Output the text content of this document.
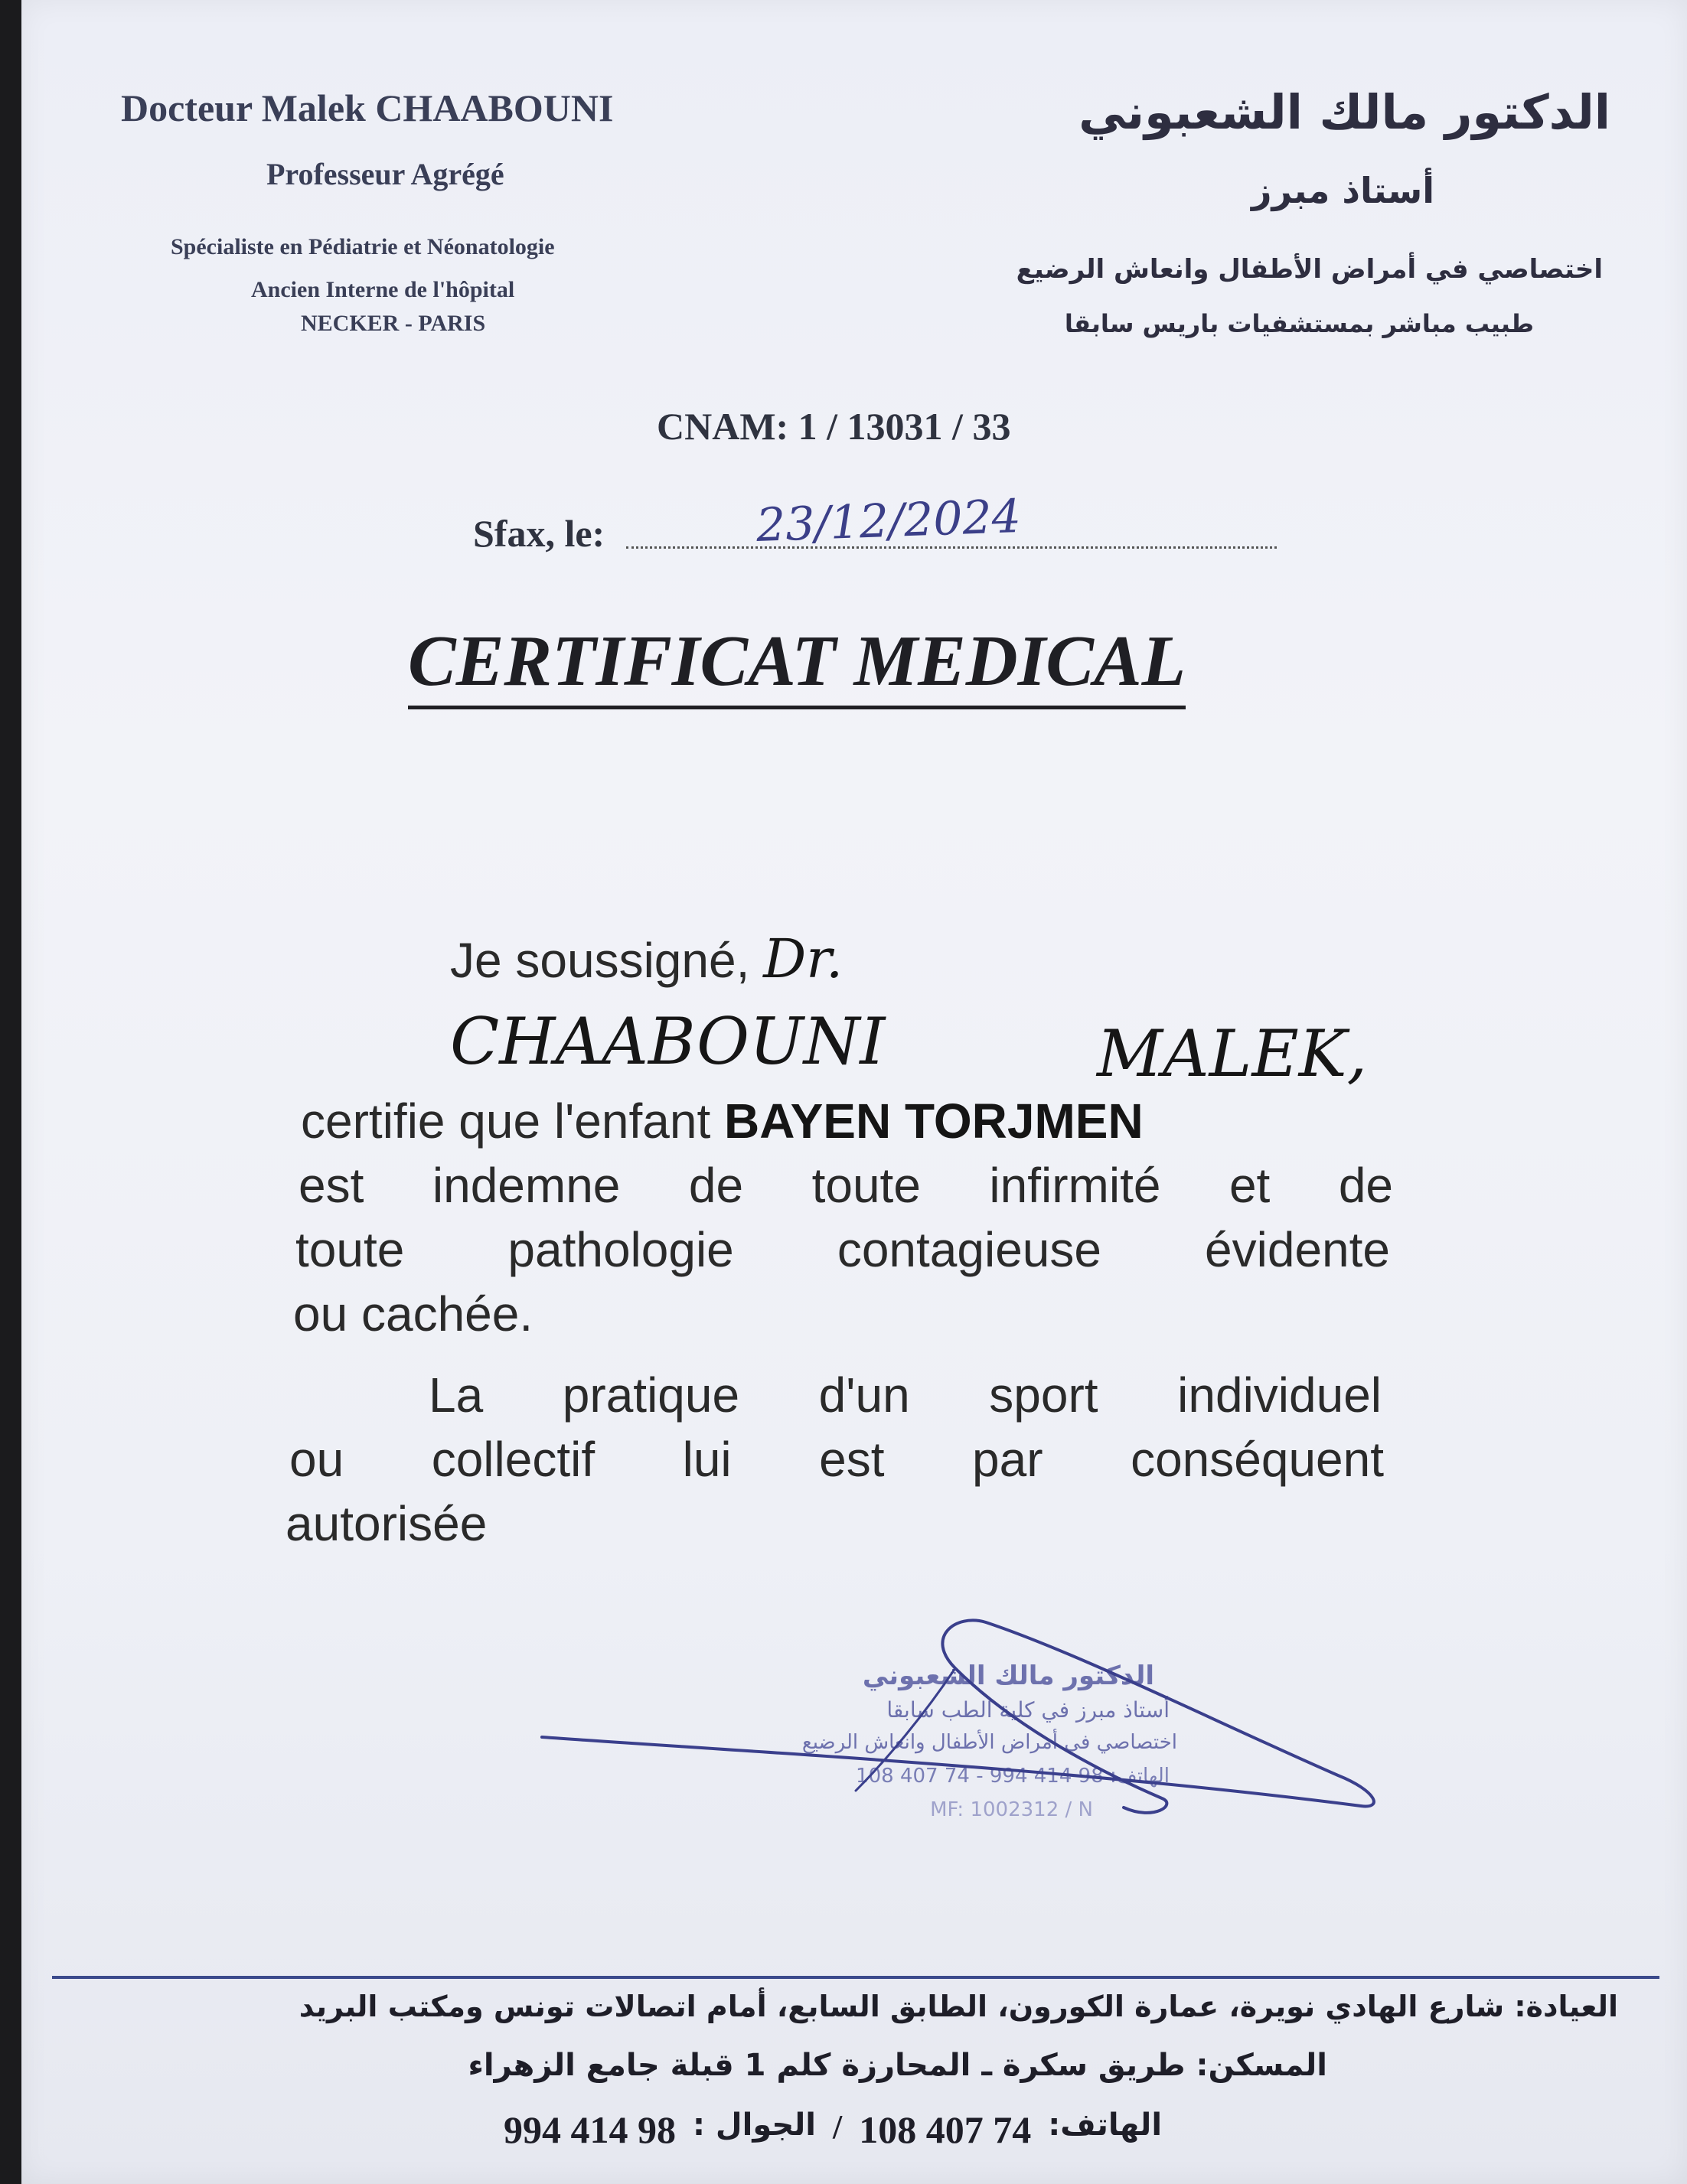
Docteur Malek CHAABOUNI
Professeur Agrégé
Spécialiste en Pédiatrie et Néonatologie
Ancien Interne de l'hôpital
NECKER - PARIS
الدكتور مالك الشعبوني
أستاذ مبرز
اختصاصي في أمراض الأطفال وانعاش الرضيع
طبيب مباشر بمستشفيات باريس سابقا
CNAM: 1 / 13031 / 33
Sfax, le:	23/12/2024
CERTIFICAT MEDICAL
Je soussigné, Dr.
CHAABOUNI	MALEK,
certifie que l'enfant BAYEN TORJMEN
est indemne de toute infirmité et de
toute pathologie contagieuse évidente
ou cachée.
La pratique d'un sport individuel
ou collectif lui est par conséquent
autorisée
الدكتور مالك الشعبوني
أستاذ مبرز في كلية الطب سابقا
اختصاصي في أمراض الأطفال وانعاش الرضيع
الهاتف: 98 414 994 - 74 407 108
MF: 1002312 / N
العيادة: شارع الهادي نويرة، عمارة الكورون، الطابق السابع، أمام اتصالات تونس ومكتب البريد
المسكن: طريق سكرة ـ المحارزة كلم 1 قبلة جامع الزهراء
الهاتف:
74 407 108
/
الجوال :
98 414 994
